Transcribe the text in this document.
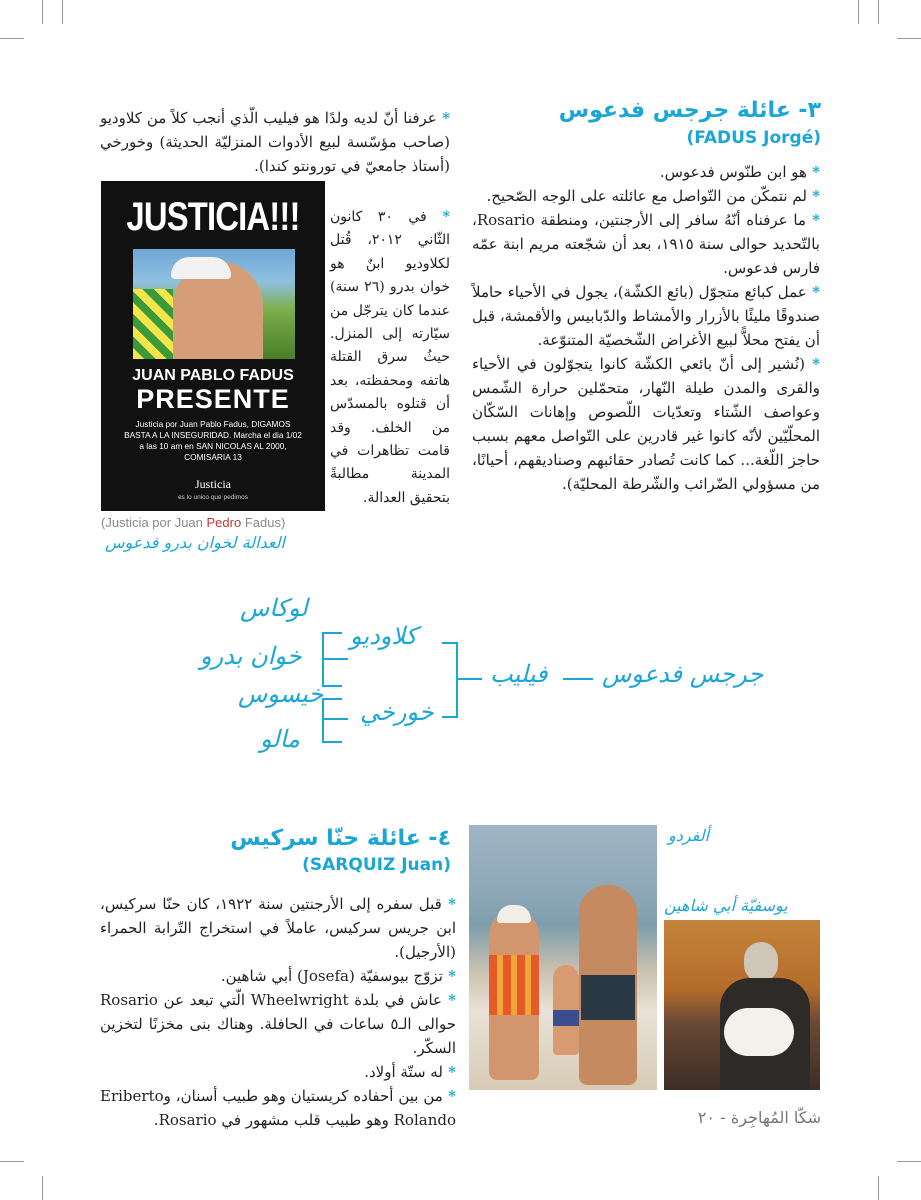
٣- عائلة جرجس فدعوس
(FADUS Jorgé)

* هو ابن طنّوس فدعوس.

* لم نتمكّن من التّواصل مع عائلته على الوجه الصّحيح.

* ما عرفناه أنّهُ سافر إلى الأرجنتين، ومنطقة Rosario، بالتّحديد حوالى سنة ١٩١٥، بعد أن شجّعته مريم ابنة عمّه فارس فدعوس.

* عمل كبائع متجوّل (بائع الكشّة)، يجول في الأحياء حاملاً صندوقًا مليئًا بالأزرار والأمشاط والدّبابيس والأقمشة، قبل أن يفتح محلاًّ لبيع الأغراض الشّخصيّة المتنوّعة.

* (نُشير إلى أنّ بائعي الكشّة كانوا يتجوّلون في الأحياء والقرى والمدن طيلة النّهار، متحمّلين حرارة الشّمس وعواصف الشّتاء وتعدّيات اللّصوص وإهانات السّكّان المحلّيّين لأنّه كانوا غير قادرين على التّواصل معهم بسبب حاجز اللّغة... كما كانت تُصادر حقائبهم وصناديقهم، أحيانًا، من مسؤولي الضّرائب والشّرطة المحليّة).

* عرفنا أنّ لديه ولدًا هو فيليب الّذي أنجب كلاً من كلاوديو (صاحب مؤسّسة لبيع الأدوات المنزليّة الحديثة) وخورخي (أستاذ جامعيّ في تورونتو كندا).

* في ٣٠ كانون الثّاني ٢٠١٢، قُتل لكلاوديو ابنٌ هو خوان بدرو (٢٦ سنة) عندما كان يترجّل من سيّارته إلى المنزل. حيثُ سرق القتلة هاتفه ومحفظته، بعد أن قتلوه بالمسدّس من الخلف. وقد قامت تظاهرات في المدينة مطالبةً بتحقيق العدالة.

JUSTICIA!!!
JUAN PABLO FADUS
PRESENTE
Justicia por Juan Pablo Fadus, DIGAMOS BASTA A LA INSEGURIDAD. Marcha el dia 1/02 a las 10 am en SAN NICOLAS AL 2000, COMISARIA 13
Justicia
es lo unico que pedimos
(Justicia por Juan Pedro Fadus)
العدالة لخوان بدرو فدعوس
لوكاس
خوان بدرو
خيسوس
مالو
كلاوديو
خورخي
فيليب جرجس فدعوس
٤- عائلة حنّا سركيس
(SARQUIZ Juan)

* قبل سفره إلى الأرجنتين سنة ١٩٢٢، كان حنّا سركيس، ابن جريس سركيس، عاملاً في استخراج التّرابة الحمراء (الأرجيل).

* تزوّج بيوسفيّة (Josefa) أبي شاهين.

* عاش في بلدة Wheelwright الّتي تبعد عن Rosario حوالى الـ٥ ساعات في الحافلة. وهناك بنى مخزنًا لتخزين السكّر.

* له ستّة أولاد.

* من بين أحفاده كريستيان وهو طبيب أسنان، وEriberto Rolando وهو طبيب قلب مشهور في Rosario.

ألفردو
يوسفيّة أبي شاهين
شكّا المُهاجِرة - ٢٠
